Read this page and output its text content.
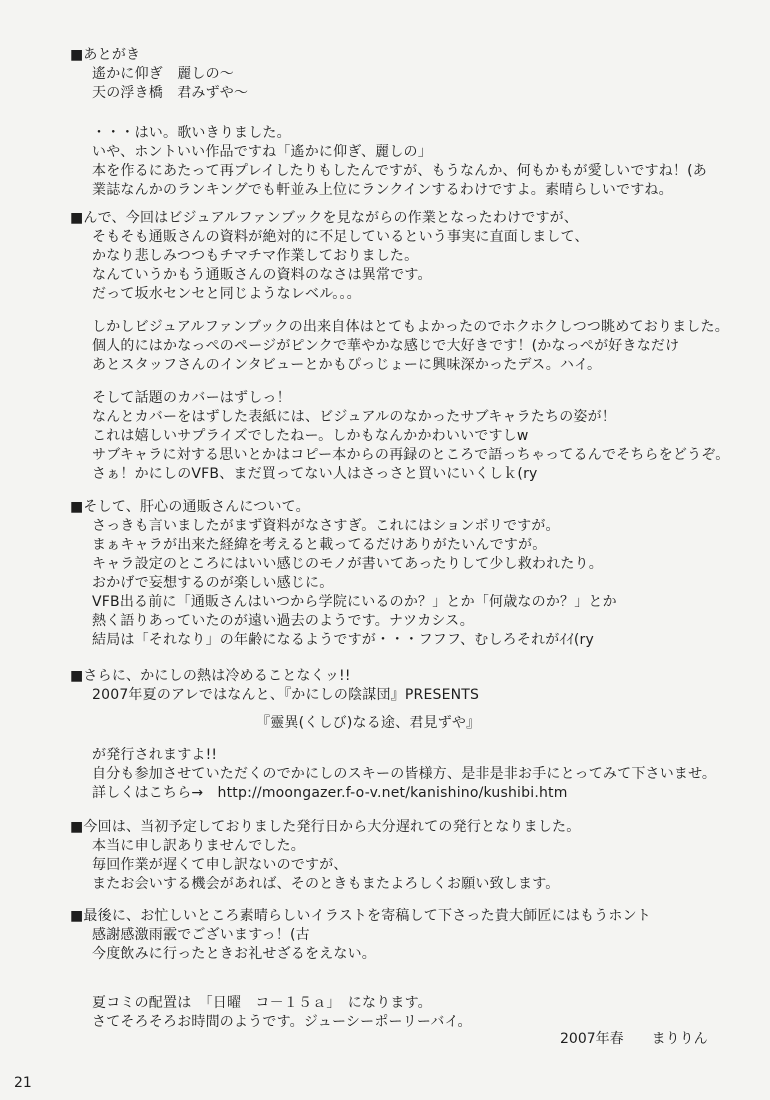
■あとがき
遙かに仰ぎ　麗しの～
天の浮き橋　君みずや～
・・・はい。歌いきりました。
いや、ホントいい作品ですね「遙かに仰ぎ、麗しの」
本を作るにあたって再プレイしたりもしたんですが、もうなんか、何もかもが愛しいですね！(あ
業誌なんかのランキングでも軒並み上位にランクインするわけですよ。素晴らしいですね。
■んで、今回はビジュアルファンブックを見ながらの作業となったわけですが、
そもそも通販さんの資料が絶対的に不足しているという事実に直面しまして、
かなり悲しみつつもチマチマ作業しておりました。
なんていうかもう通販さんの資料のなさは異常です。
だって坂水センセと同じようなレベル。。。
しかしビジュアルファンブックの出来自体はとてもよかったのでホクホクしつつ眺めておりました。
個人的にはかなっぺのページがピンクで華やかな感じで大好きです！(かなっぺが好きなだけ
あとスタッフさんのインタビューとかもぴっじょーに興味深かったデス。ハイ。
そして話題のカバーはずしっ！
なんとカバーをはずした表紙には、ビジュアルのなかったサブキャラたちの姿が！
これは嬉しいサプライズでしたねー。しかもなんかかわいいですしw
サブキャラに対する思いとかはコピー本からの再録のところで語っちゃってるんでそちらをどうぞ。
さぁ！かにしのVFB、まだ買ってない人はさっさと買いにいくしｋ(ry
■そして、肝心の通販さんについて。
さっきも言いましたがまず資料がなさすぎ。これにはションボリですが。
まぁキャラが出来た経緯を考えると載ってるだけありがたいんですが。
キャラ設定のところにはいい感じのモノが書いてあったりして少し救われたり。
おかげで妄想するのが楽しい感じに。
VFB出る前に「通販さんはいつから学院にいるのか？」とか「何歳なのか？」とか
熱く語りあっていたのが遠い過去のようです。ナツカシス。
結局は「それなり」の年齢になるようですが・・・フフフ、むしろそれがｲｲ(ry
■さらに、かにしの熱は冷めることなくッ!!
2007年夏のアレではなんと、『かにしの陰謀団』PRESENTS
『靈異(くしび)なる途、君見ずや』
が発行されますよ!!
自分も参加させていただくのでかにしのスキーの皆様方、是非是非お手にとってみて下さいませ。
詳しくはこちら→　http://moongazer.f-o-v.net/kanishino/kushibi.htm
■今回は、当初予定しておりました発行日から大分遅れての発行となりました。
本当に申し訳ありませんでした。
毎回作業が遅くて申し訳ないのですが、
またお会いする機会があれば、そのときもまたよろしくお願い致します。
■最後に、お忙しいところ素晴らしいイラストを寄稿して下さった貴大師匠にはもうホント
感謝感激雨霰でございますっ！(古
今度飲みに行ったときお礼せざるをえない。
夏コミの配置は　「日曜　コ－１５ａ」　になります。
さてそろそろお時間のようです。ジューシーポーリーバイ。
2007年春 まりりん
21
